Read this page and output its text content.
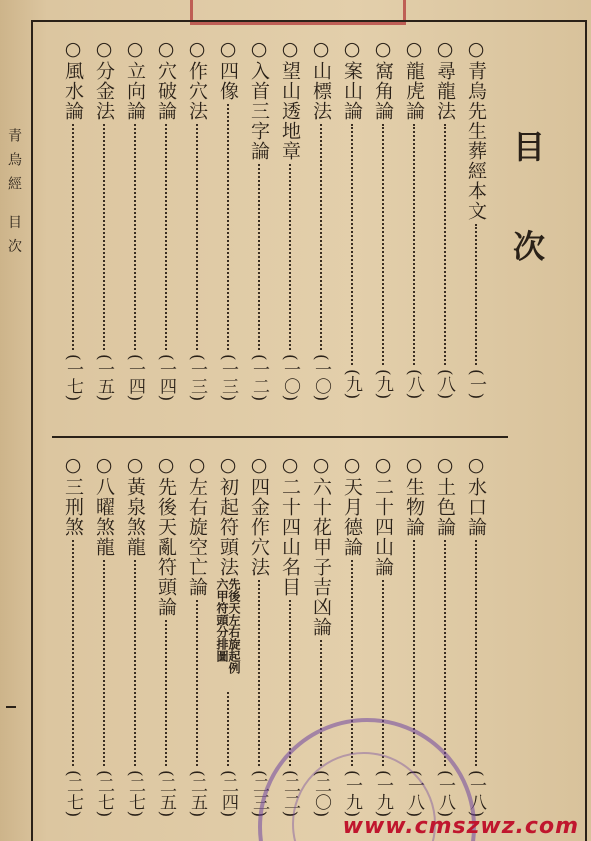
青烏經 目次	目 次
○青烏先生葬經本文
(一)
○尋龍法
(八)
○龍虎論
(八)
○窩角論
(九)
○案山論
(九)
○山標法
(一〇)
○望山透地章
(一〇)
○入首三字論
(一二)
○四像
(一三)
○作穴法
(一三)
○穴破論
(一四)
○立向論
(一四)
○分金法
(一五)
○風水論
(一七)
○水口論
(一八)
○土色論
(一八)
○生物論
(一八)
○二十四山論
(一九)
○天月德論
(一九)
○六十花甲子吉凶論
(二〇)
○二十四山名目
(二二)
○四金作穴法
(二三)
○初起符頭法
先後天左右旋起例
六甲符頭分排圖
(二四)
○左右旋空亡論
(二五)
○先後天亂符頭論
(二五)
○黃泉煞龍
(二七)
○八曜煞龍
(二七)
○三刑煞
(二七)
www.cmszwz.com
